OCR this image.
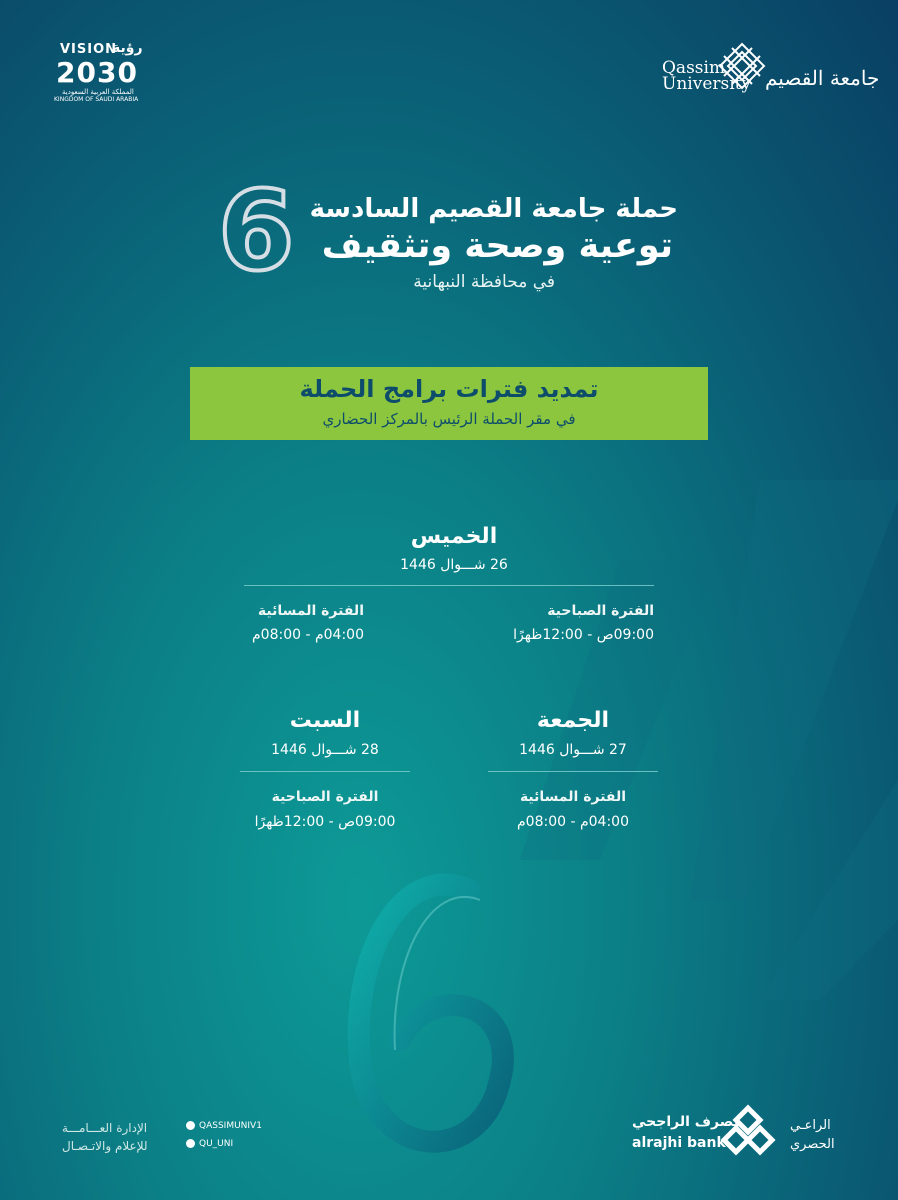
VISION
رؤية
2030
المملكة العربية السعودية
KINGDOM OF SAUDI ARABIA
Qassim
University جامعة القصيم
6 حملة جامعة القصيم السادسة
توعية وصحة وتثقيف
في محافظة النبهانية
تمديد فترات برامج الحملة
في مقر الحملة الرئيس بالمركز الحضاري
الخميس
26 شـــوال 1446
الفترة الصباحية
09:00ص - 12:00ظهرًا
الفترة المسائية
04:00م - 08:00م
الجمعة
27 شـــوال 1446
الفترة المسائية
04:00م - 08:00م
السبت
28 شـــوال 1446
الفترة الصباحية
09:00ص - 12:00ظهرًا
الإدارة العـــامـــة
للإعلام والاتـصـال
QASSIMUNIV1
QU_UNI
مصرف الراجحي
alrajhi bank
الراعـي
الحصري
